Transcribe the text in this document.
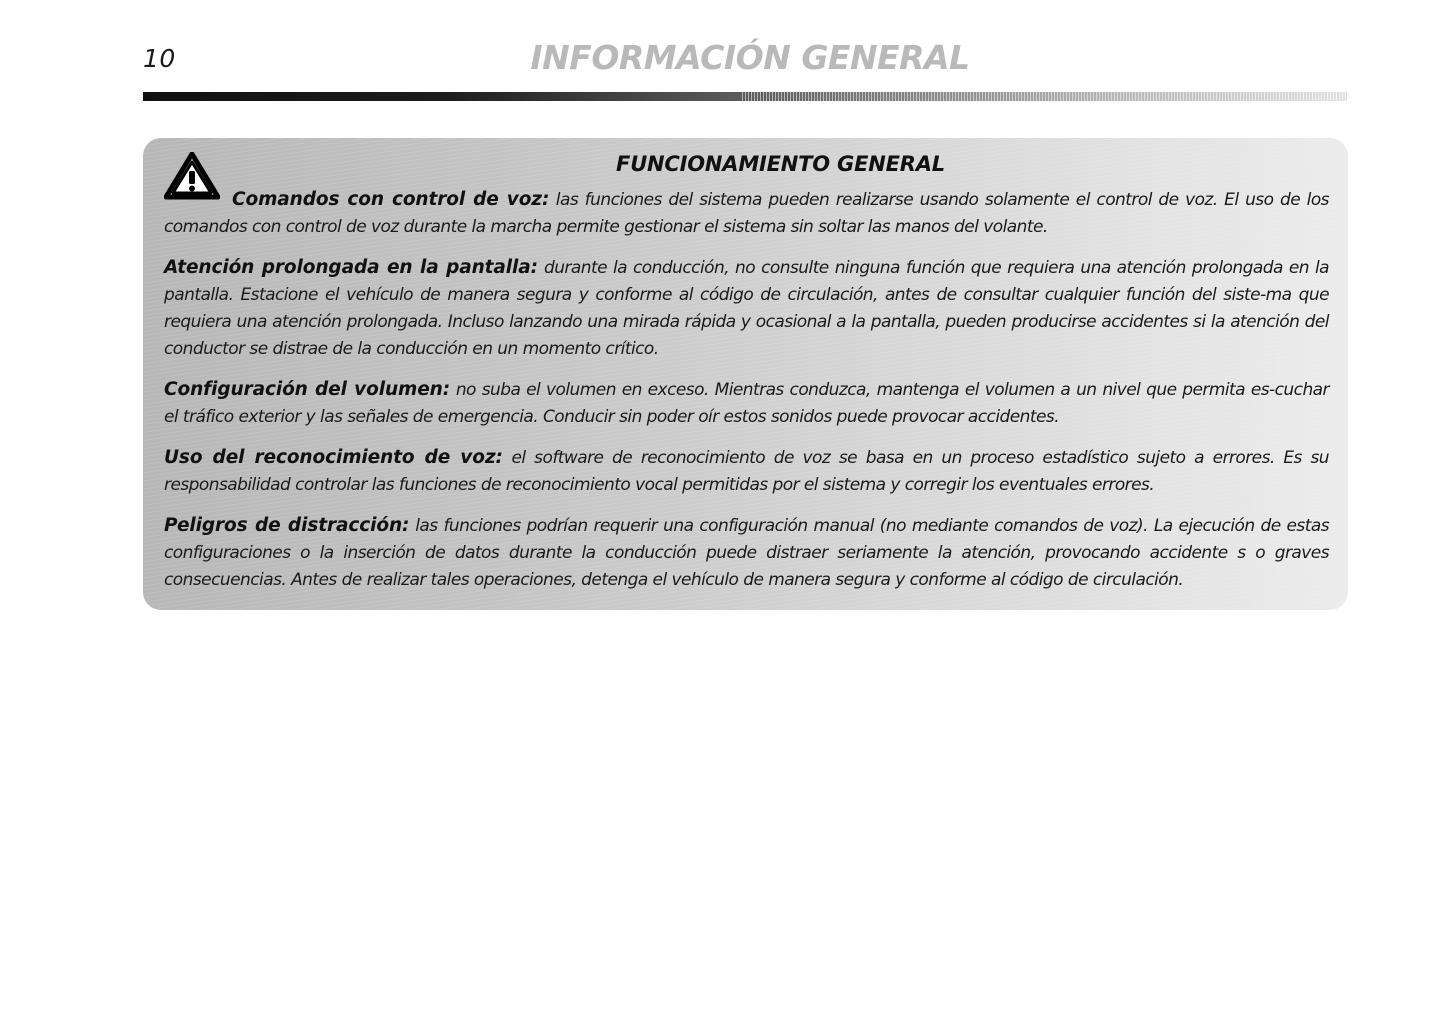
10	INFORMACIÓN GENERAL
FUNCIONAMIENTO GENERAL

Comandos con control de voz: las funciones del sistema pueden realizarse usando solamente el control de voz. El uso de los comandos con control de voz durante la marcha permite gestionar el sistema sin soltar las manos del volante.

Atención prolongada en la pantalla: durante la conducción, no consulte ninguna función que requiera una atención prolongada en la pantalla. Estacione el vehículo de manera segura y conforme al código de circulación, antes de consultar cualquier función del siste-ma que requiera una atención prolongada. Incluso lanzando una mirada rápida y ocasional a la pantalla, pueden producirse accidentes si la atención del conductor se distrae de la conducción en un momento crítico.

Configuración del volumen: no suba el volumen en exceso. Mientras conduzca, mantenga el volumen a un nivel que permita es-cuchar el tráfico exterior y las señales de emergencia. Conducir sin poder oír estos sonidos puede provocar accidentes.

Uso del reconocimiento de voz: el software de reconocimiento de voz se basa en un proceso estadístico sujeto a errores. Es su responsabilidad controlar las funciones de reconocimiento vocal permitidas por el sistema y corregir los eventuales errores.

Peligros de distracción: las funciones podrían requerir una configuración manual (no mediante comandos de voz). La ejecución de estas configuraciones o la inserción de datos durante la conducción puede distraer seriamente la atención, provocando accidente s o graves consecuencias. Antes de realizar tales operaciones, detenga el vehículo de manera segura y conforme al código de circulación.
